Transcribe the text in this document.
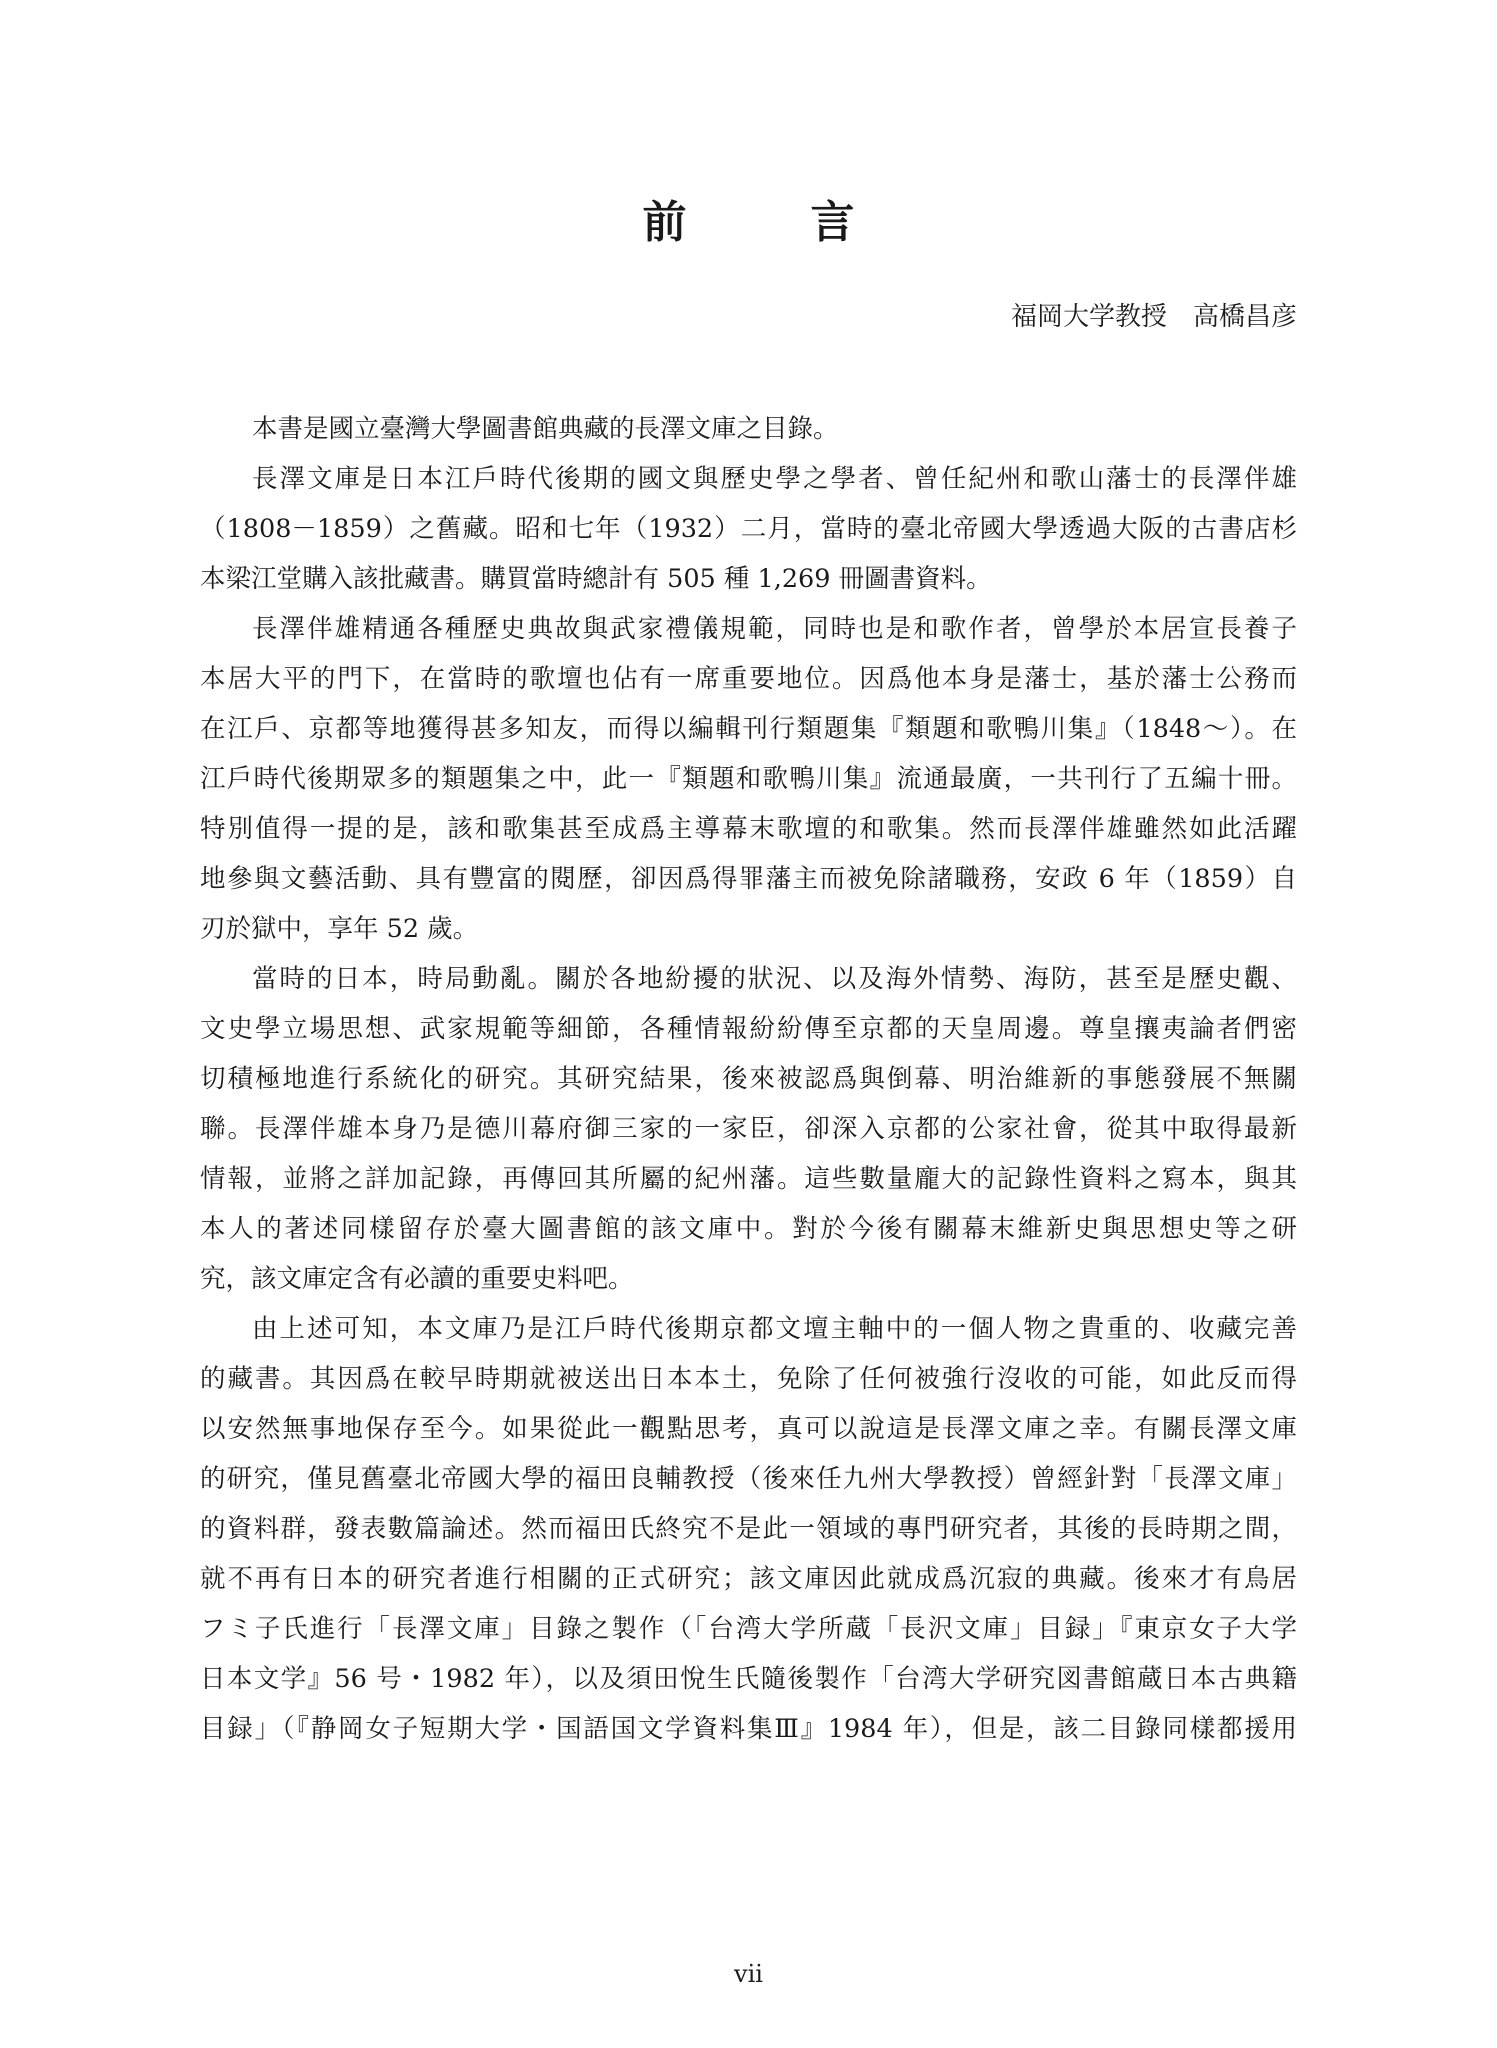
前　言
福岡大学教授　高橋昌彦
本書是國立臺灣大學圖書館典藏的長澤文庫之目錄。
長澤文庫是日本江戶時代後期的國文與歷史學之學者、曾任紀州和歌山藩士的長澤伴雄
（1808－1859）之舊藏。昭和七年（1932）二月，當時的臺北帝國大學透過大阪的古書店杉
本梁江堂購入該批藏書。購買當時總計有 505 種 1,269 冊圖書資料。
長澤伴雄精通各種歷史典故與武家禮儀規範，同時也是和歌作者，曾學於本居宣長養子
本居大平的門下，在當時的歌壇也佔有一席重要地位。因爲他本身是藩士，基於藩士公務而
在江戶、京都等地獲得甚多知友，而得以編輯刊行類題集『類題和歌鴨川集』（1848～）。在
江戶時代後期眾多的類題集之中，此一『類題和歌鴨川集』流通最廣，一共刊行了五編十冊。
特別值得一提的是，該和歌集甚至成爲主導幕末歌壇的和歌集。然而長澤伴雄雖然如此活躍
地參與文藝活動、具有豐富的閱歷，卻因爲得罪藩主而被免除諸職務，安政 6 年（1859）自
刃於獄中，享年 52 歲。
當時的日本，時局動亂。關於各地紛擾的狀況、以及海外情勢、海防，甚至是歷史觀、
文史學立場思想、武家規範等細節，各種情報紛紛傳至京都的天皇周邊。尊皇攘夷論者們密
切積極地進行系統化的研究。其研究結果，後來被認爲與倒幕、明治維新的事態發展不無關
聯。長澤伴雄本身乃是德川幕府御三家的一家臣，卻深入京都的公家社會，從其中取得最新
情報，並將之詳加記錄，再傳回其所屬的紀州藩。這些數量龐大的記錄性資料之寫本，與其
本人的著述同樣留存於臺大圖書館的該文庫中。對於今後有關幕末維新史與思想史等之研
究，該文庫定含有必讀的重要史料吧。
由上述可知，本文庫乃是江戶時代後期京都文壇主軸中的一個人物之貴重的、收藏完善
的藏書。其因爲在較早時期就被送出日本本土，免除了任何被強行沒收的可能，如此反而得
以安然無事地保存至今。如果從此一觀點思考，真可以說這是長澤文庫之幸。有關長澤文庫
的研究，僅見舊臺北帝國大學的福田良輔教授（後來任九州大學教授）曾經針對「長澤文庫」
的資料群，發表數篇論述。然而福田氏終究不是此一領域的專門研究者，其後的長時期之間，
就不再有日本的研究者進行相關的正式研究；該文庫因此就成爲沉寂的典藏。後來才有鳥居
フミ子氏進行「長澤文庫」目錄之製作（「台湾大学所蔵「長沢文庫」目録」『東京女子大学
日本文学』56 号・1982 年），以及須田悅生氏隨後製作「台湾大学研究図書館蔵日本古典籍
目録」（『静岡女子短期大学・国語国文学資料集Ⅲ』1984 年），但是，該二目錄同樣都援用
vii
